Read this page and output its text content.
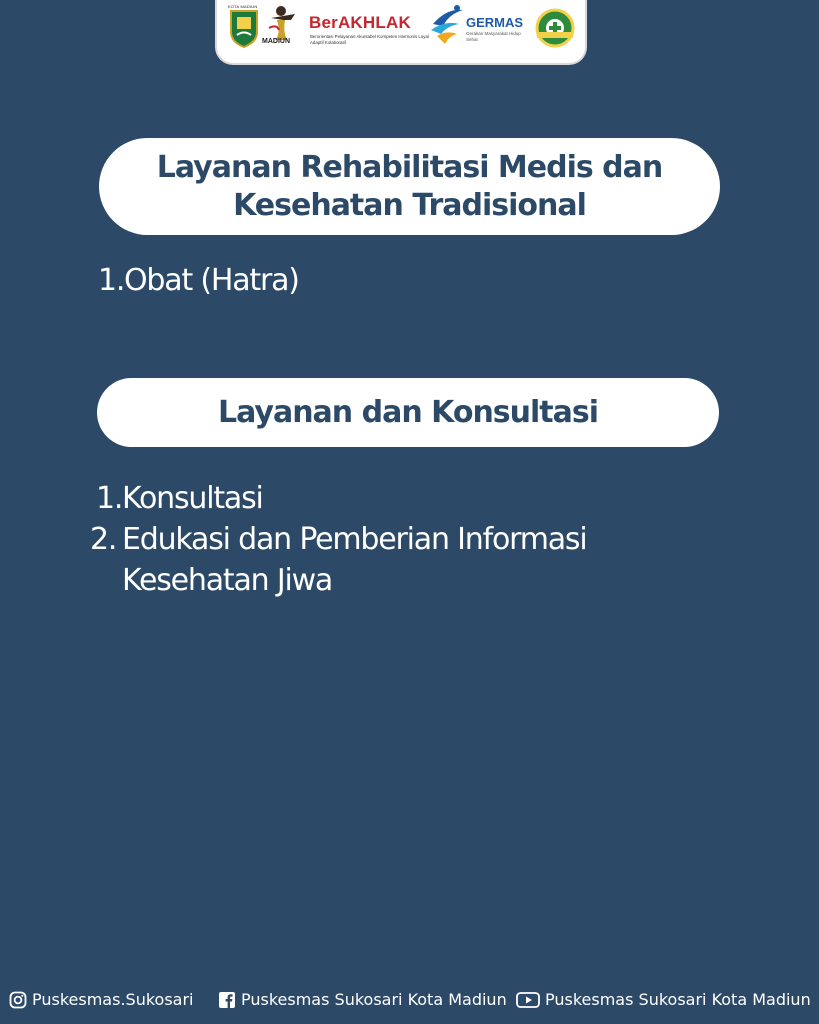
KOTA MADIUN
MADIUN
BerAKHLAK
Berorientasi Pelayanan Akuntabel Kompeten Harmonis Loyal Adaptif Kolaboratif
GERMAS
Gerakan Masyarakat Hidup Sehat
Layanan Rehabilitasi Medis dan
Kesehatan Tradisional
1. Obat (Hatra)
Layanan dan Konsultasi
1. Konsultasi
2. Edukasi dan Pemberian Informasi
Kesehatan Jiwa
Puskesmas.Sukosari	Puskesmas Sukosari Kota Madiun Puskesmas Sukosari Kota Madiun
